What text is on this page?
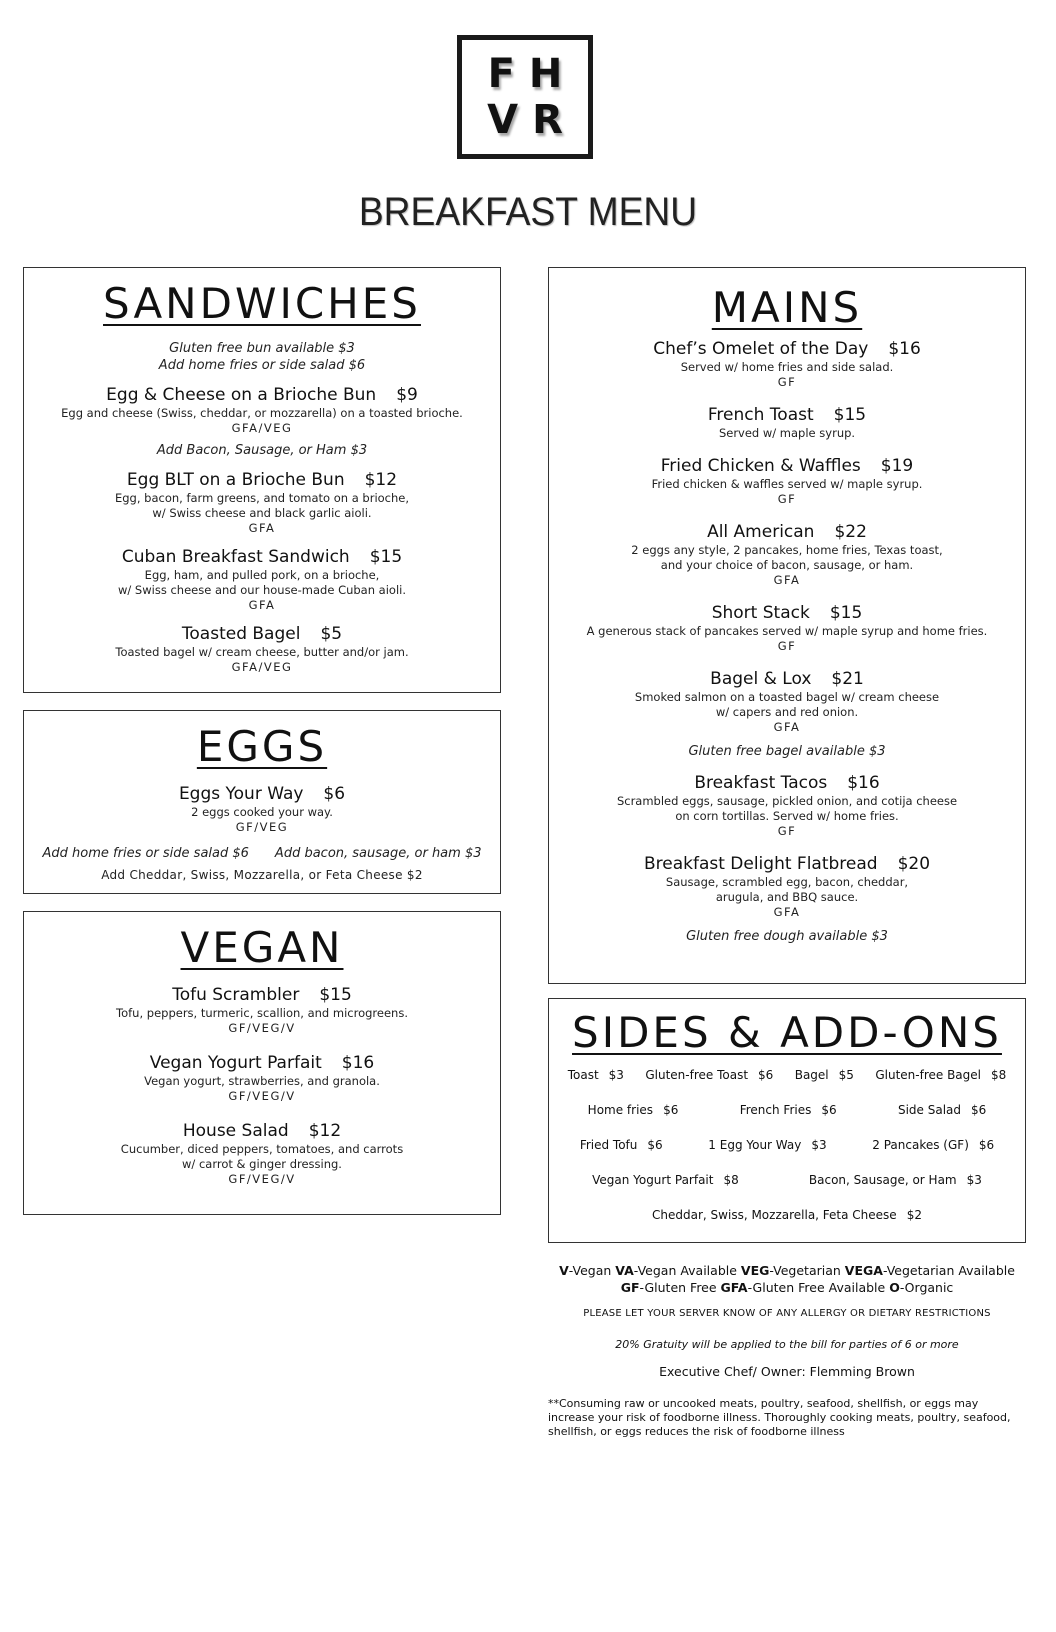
FH
VR
BREAKFAST MENU
SANDWICHES
Gluten free bun available $3
Add home fries or side salad $6
Egg & Cheese on a Brioche Bun $9
Egg and cheese (Swiss, cheddar, or mozzarella) on a toasted brioche.
GFA/VEG
Add Bacon, Sausage, or Ham $3
Egg BLT on a Brioche Bun $12
Egg, bacon, farm greens, and tomato on a brioche,
w/ Swiss cheese and black garlic aioli.
GFA
Cuban Breakfast Sandwich $15
Egg, ham, and pulled pork, on a brioche,
w/ Swiss cheese and our house-made Cuban aioli.
GFA
Toasted Bagel $5
Toasted bagel w/ cream cheese, butter and/or jam.
GFA/VEG
EGGS
Eggs Your Way $6
2 eggs cooked your way.
GF/VEG
Add home fries or side salad $6 Add bacon, sausage, or ham $3
Add Cheddar, Swiss, Mozzarella, or Feta Cheese $2
VEGAN
Tofu Scrambler $15
Tofu, peppers, turmeric, scallion, and microgreens.
GF/VEG/V
Vegan Yogurt Parfait $16
Vegan yogurt, strawberries, and granola.
GF/VEG/V
House Salad $12
Cucumber, diced peppers, tomatoes, and carrots
w/ carrot & ginger dressing.
GF/VEG/V
MAINS
Chef’s Omelet of the Day $16
Served w/ home fries and side salad.
GF
French Toast $15
Served w/ maple syrup.
Fried Chicken & Waffles $19
Fried chicken & waffles served w/ maple syrup.
GF
All American $22
2 eggs any style, 2 pancakes, home fries, Texas toast,
and your choice of bacon, sausage, or ham.
GFA
Short Stack $15
A generous stack of pancakes served w/ maple syrup and home fries.
GF
Bagel & Lox $21
Smoked salmon on a toasted bagel w/ cream cheese
w/ capers and red onion.
GFA
Gluten free bagel available $3
Breakfast Tacos $16
Scrambled eggs, sausage, pickled onion, and cotija cheese
on corn tortillas. Served w/ home fries.
GF
Breakfast Delight Flatbread $20
Sausage, scrambled egg, bacon, cheddar,
arugula, and BBQ sauce.
GFA
Gluten free dough available $3
SIDES & ADD-ONS
Toast $3 Gluten-free Toast $6 Bagel $5 Gluten-free Bagel $8
Home fries $6	French Fries $6	Side Salad $6
Fried Tofu $6	1 Egg Your Way $3	2 Pancakes (GF) $6
Vegan Yogurt Parfait $8	Bacon, Sausage, or Ham $3
Cheddar, Swiss, Mozzarella, Feta Cheese $2
V-Vegan VA-Vegan Available VEG-Vegetarian VEGA-Vegetarian Available GF-Gluten Free GFA-Gluten Free Available O-Organic
PLEASE LET YOUR SERVER KNOW OF ANY ALLERGY OR DIETARY RESTRICTIONS
20% Gratuity will be applied to the bill for parties of 6 or more
Executive Chef/ Owner: Flemming Brown
**Consuming raw or uncooked meats, poultry, seafood, shellfish, or eggs may increase your risk of foodborne illness. Thoroughly cooking meats, poultry, seafood, shellfish, or eggs reduces the risk of foodborne illness
